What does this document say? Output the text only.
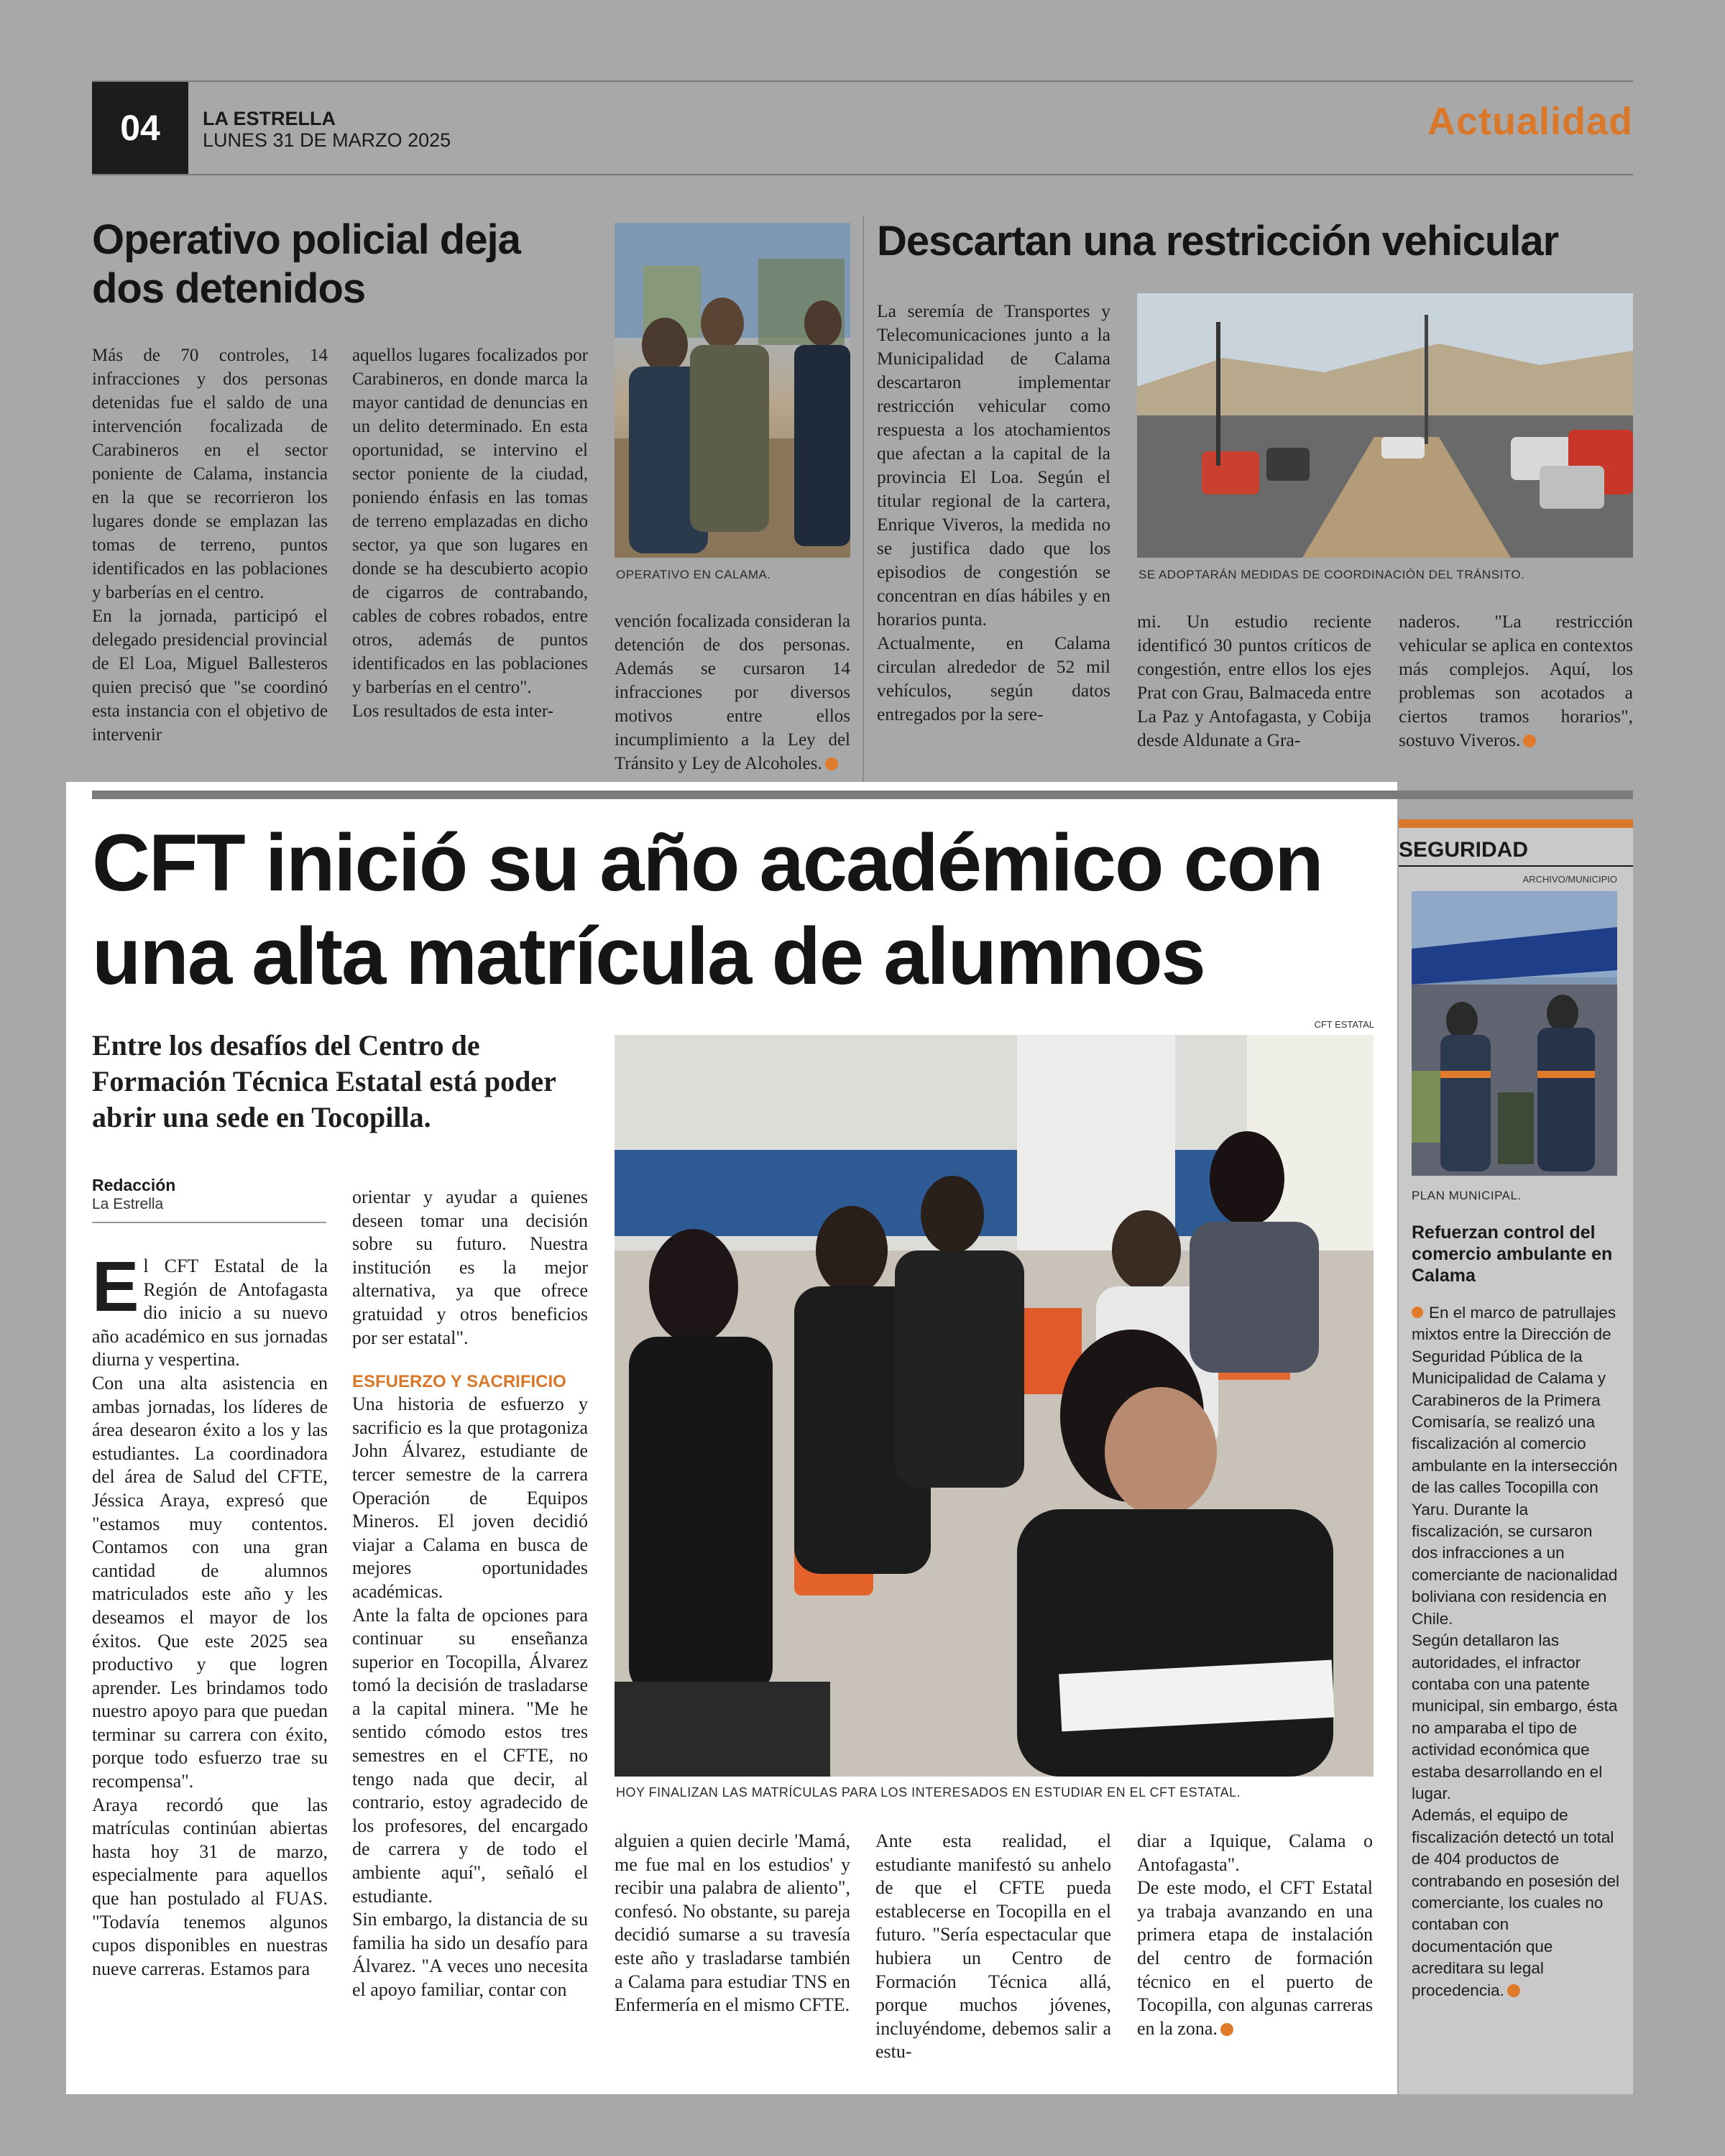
04	LA ESTRELLA
LUNES 31 DE MARZO 2025	Actualidad
Operativo policial deja
dos detenidos

Más de 70 controles, 14 infracciones y dos personas detenidas fue el saldo de una intervención focalizada de Carabineros en el sector poniente de Calama, instancia en la que se recorrieron los lugares donde se emplazan las tomas de terreno, puntos identificados en las poblaciones y barberías en el centro.

En la jornada, participó el delegado presidencial provincial de El Loa, Miguel Ballesteros quien precisó que "se coordinó esta instancia con el objetivo de intervenir

aquellos lugares focalizados por Carabineros, en donde marca la mayor cantidad de denuncias en un delito determinado. En esta oportunidad, se intervino el sector poniente de la ciudad, poniendo énfasis en las tomas de terreno emplazadas en dicho sector, ya que son lugares en donde se ha descubierto acopio de cigarros de contrabando, cables de cobres robados, entre otros, además de puntos identificados en las poblaciones y barberías en el centro".

Los resultados de esta inter-

OPERATIVO EN CALAMA.

vención focalizada consideran la detención de dos personas. Además se cursaron 14 infracciones por diversos motivos entre ellos incumplimiento a la Ley del Tránsito y Ley de Alcoholes.

Descartan una restricción vehicular

La seremía de Transportes y Telecomunicaciones junto a la Municipalidad de Calama descartaron implementar restricción vehicular como respuesta a los atochamientos que afectan a la capital de la provincia El Loa. Según el titular regional de la cartera, Enrique Viveros, la medida no se justifica dado que los episodios de congestión se concentran en días hábiles y en horarios punta.

Actualmente, en Calama circulan alrededor de 52 mil vehículos, según datos entregados por la sere-

SE ADOPTARÁN MEDIDAS DE COORDINACIÓN DEL TRÁNSITO.

mi. Un estudio reciente identificó 30 puntos críticos de congestión, entre ellos los ejes Prat con Grau, Balmaceda entre La Paz y Antofagasta, y Cobija desde Aldunate a Gra-

naderos. "La restricción vehicular se aplica en contextos más complejos. Aquí, los problemas son acotados a ciertos tramos horarios", sostuvo Viveros.

CFT inició su año académico con
una alta matrícula de alumnos
Entre los desafíos del Centro de Formación Técnica Estatal está poder abrir una sede en Tocopilla.
Redacción
La Estrella

El CFT Estatal de la Región de Antofagasta dio inicio a su nuevo año académico en sus jornadas diurna y vespertina.

Con una alta asistencia en ambas jornadas, los líderes de área desearon éxito a los y las estudiantes. La coordinadora del área de Salud del CFTE, Jéssica Araya, expresó que "estamos muy contentos. Contamos con una gran cantidad de alumnos matriculados este año y les deseamos el mayor de los éxitos. Que este 2025 sea productivo y que logren aprender. Les brindamos todo nuestro apoyo para que puedan terminar su carrera con éxito, porque todo esfuerzo trae su recompensa".

Araya recordó que las matrículas continúan abiertas hasta hoy 31 de marzo, especialmente para aquellos que han postulado al FUAS. "Todavía tenemos algunos cupos disponibles en nuestras nueve carreras. Estamos para

orientar y ayudar a quienes deseen tomar una decisión sobre su futuro. Nuestra institución es la mejor alternativa, ya que ofrece gratuidad y otros beneficios por ser estatal".

ESFUERZO Y SACRIFICIO

Una historia de esfuerzo y sacrificio es la que protagoniza John Álvarez, estudiante de tercer semestre de la carrera Operación de Equipos Mineros. El joven decidió viajar a Calama en busca de mejores oportunidades académicas.

Ante la falta de opciones para continuar su enseñanza superior en Tocopilla, Álvarez tomó la decisión de trasladarse a la capital minera. "Me he sentido cómodo estos tres semestres en el CFTE, no tengo nada que decir, al contrario, estoy agradecido de los profesores, del encargado de carrera y de todo el ambiente aquí", señaló el estudiante.

Sin embargo, la distancia de su familia ha sido un desafío para Álvarez. "A veces uno necesita el apoyo familiar, contar con

CFT ESTATAL
HOY FINALIZAN LAS MATRÍCULAS PARA LOS INTERESADOS EN ESTUDIAR EN EL CFT ESTATAL.

alguien a quien decirle 'Mamá, me fue mal en los estudios' y recibir una palabra de aliento", confesó. No obstante, su pareja decidió sumarse a su travesía este año y trasladarse también a Calama para estudiar TNS en Enfermería en el mismo CFTE.

Ante esta realidad, el estudiante manifestó su anhelo de que el CFTE pueda establecerse en Tocopilla en el futuro. "Sería espectacular que hubiera un Centro de Formación Técnica allá, porque muchos jóvenes, incluyéndome, debemos salir a estu-

diar a Iquique, Calama o Antofagasta".

De este modo, el CFT Estatal ya trabaja avanzando en una primera etapa de instalación del centro de formación técnico en el puerto de Tocopilla, con algunas carreras en la zona.

SEGURIDAD
ARCHIVO/MUNICIPIO
PLAN MUNICIPAL.
Refuerzan control del comercio ambulante en Calama

En el marco de patrullajes mixtos entre la Dirección de Seguridad Pública de la Municipalidad de Calama y Carabineros de la Primera Comisaría, se realizó una fiscalización al comercio ambulante en la intersección de las calles Tocopilla con Yaru. Durante la fiscalización, se cursaron dos infracciones a un comerciante de nacionalidad boliviana con residencia en Chile.

Según detallaron las autoridades, el infractor contaba con una patente municipal, sin embargo, ésta no amparaba el tipo de actividad económica que estaba desarrollando en el lugar.

Además, el equipo de fiscalización detectó un total de 404 productos de contrabando en posesión del comerciante, los cuales no contaban con documentación que acreditara su legal procedencia.
